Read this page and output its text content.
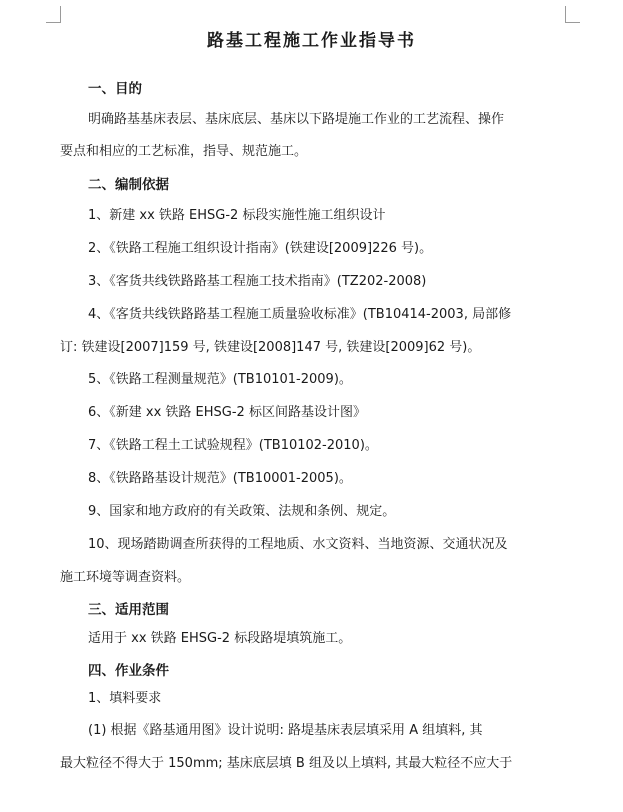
路基工程施工作业指导书
一、目的
明确路基基床表层、基床底层、基床以下路堤施工作业的工艺流程、操作
要点和相应的工艺标准，指导、规范施工。
二、编制依据
1、新建 xx 铁路 EHSG-2 标段实施性施工组织设计
2、《铁路工程施工组织设计指南》(铁建设[2009]226 号)。
3、《客货共线铁路路基工程施工技术指南》(TZ202-2008)
4、《客货共线铁路路基工程施工质量验收标准》(TB10414-2003, 局部修
订: 铁建设[2007]159 号, 铁建设[2008]147 号, 铁建设[2009]62 号)。
5、《铁路工程测量规范》(TB10101-2009)。
6、《新建 xx 铁路 EHSG-2 标区间路基设计图》
7、《铁路工程土工试验规程》(TB10102-2010)。
8、《铁路路基设计规范》(TB10001-2005)。
9、国家和地方政府的有关政策、法规和条例、规定。
10、现场踏勘调查所获得的工程地质、水文资料、当地资源、交通状况及
施工环境等调查资料。
三、适用范围
适用于 xx 铁路 EHSG-2 标段路堤填筑施工。
四、作业条件
1、填料要求
(1) 根据《路基通用图》设计说明: 路堤基床表层填采用 A 组填料, 其
最大粒径不得大于 150mm; 基床底层填 B 组及以上填料, 其最大粒径不应大于
